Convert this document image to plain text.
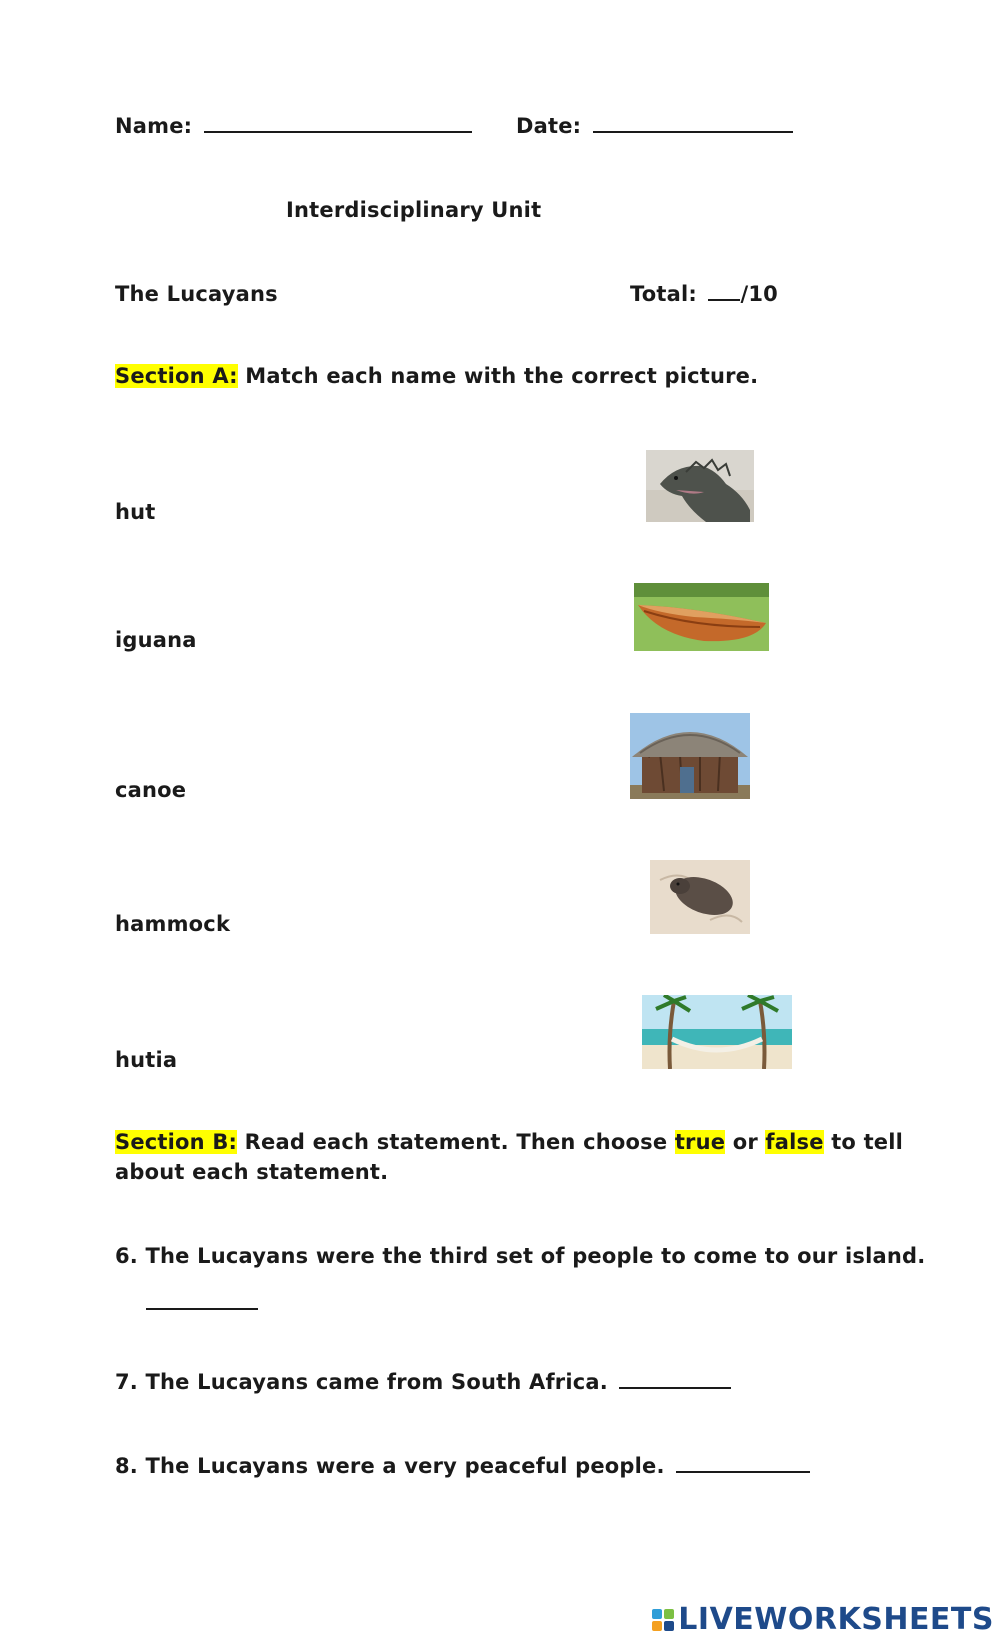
Name:	Date:
Interdisciplinary Unit
The Lucayans	Total: /10
Section A: Match each name with the correct picture.
hut
iguana
canoe
hammock
hutia
Section B: Read each statement. Then choose true or false to tell
about each statement.
6. The Lucayans were the third set of people to come to our island.
7. The Lucayans came from South Africa.
8. The Lucayans were a very peaceful people.
LIVEWORKSHEETS
